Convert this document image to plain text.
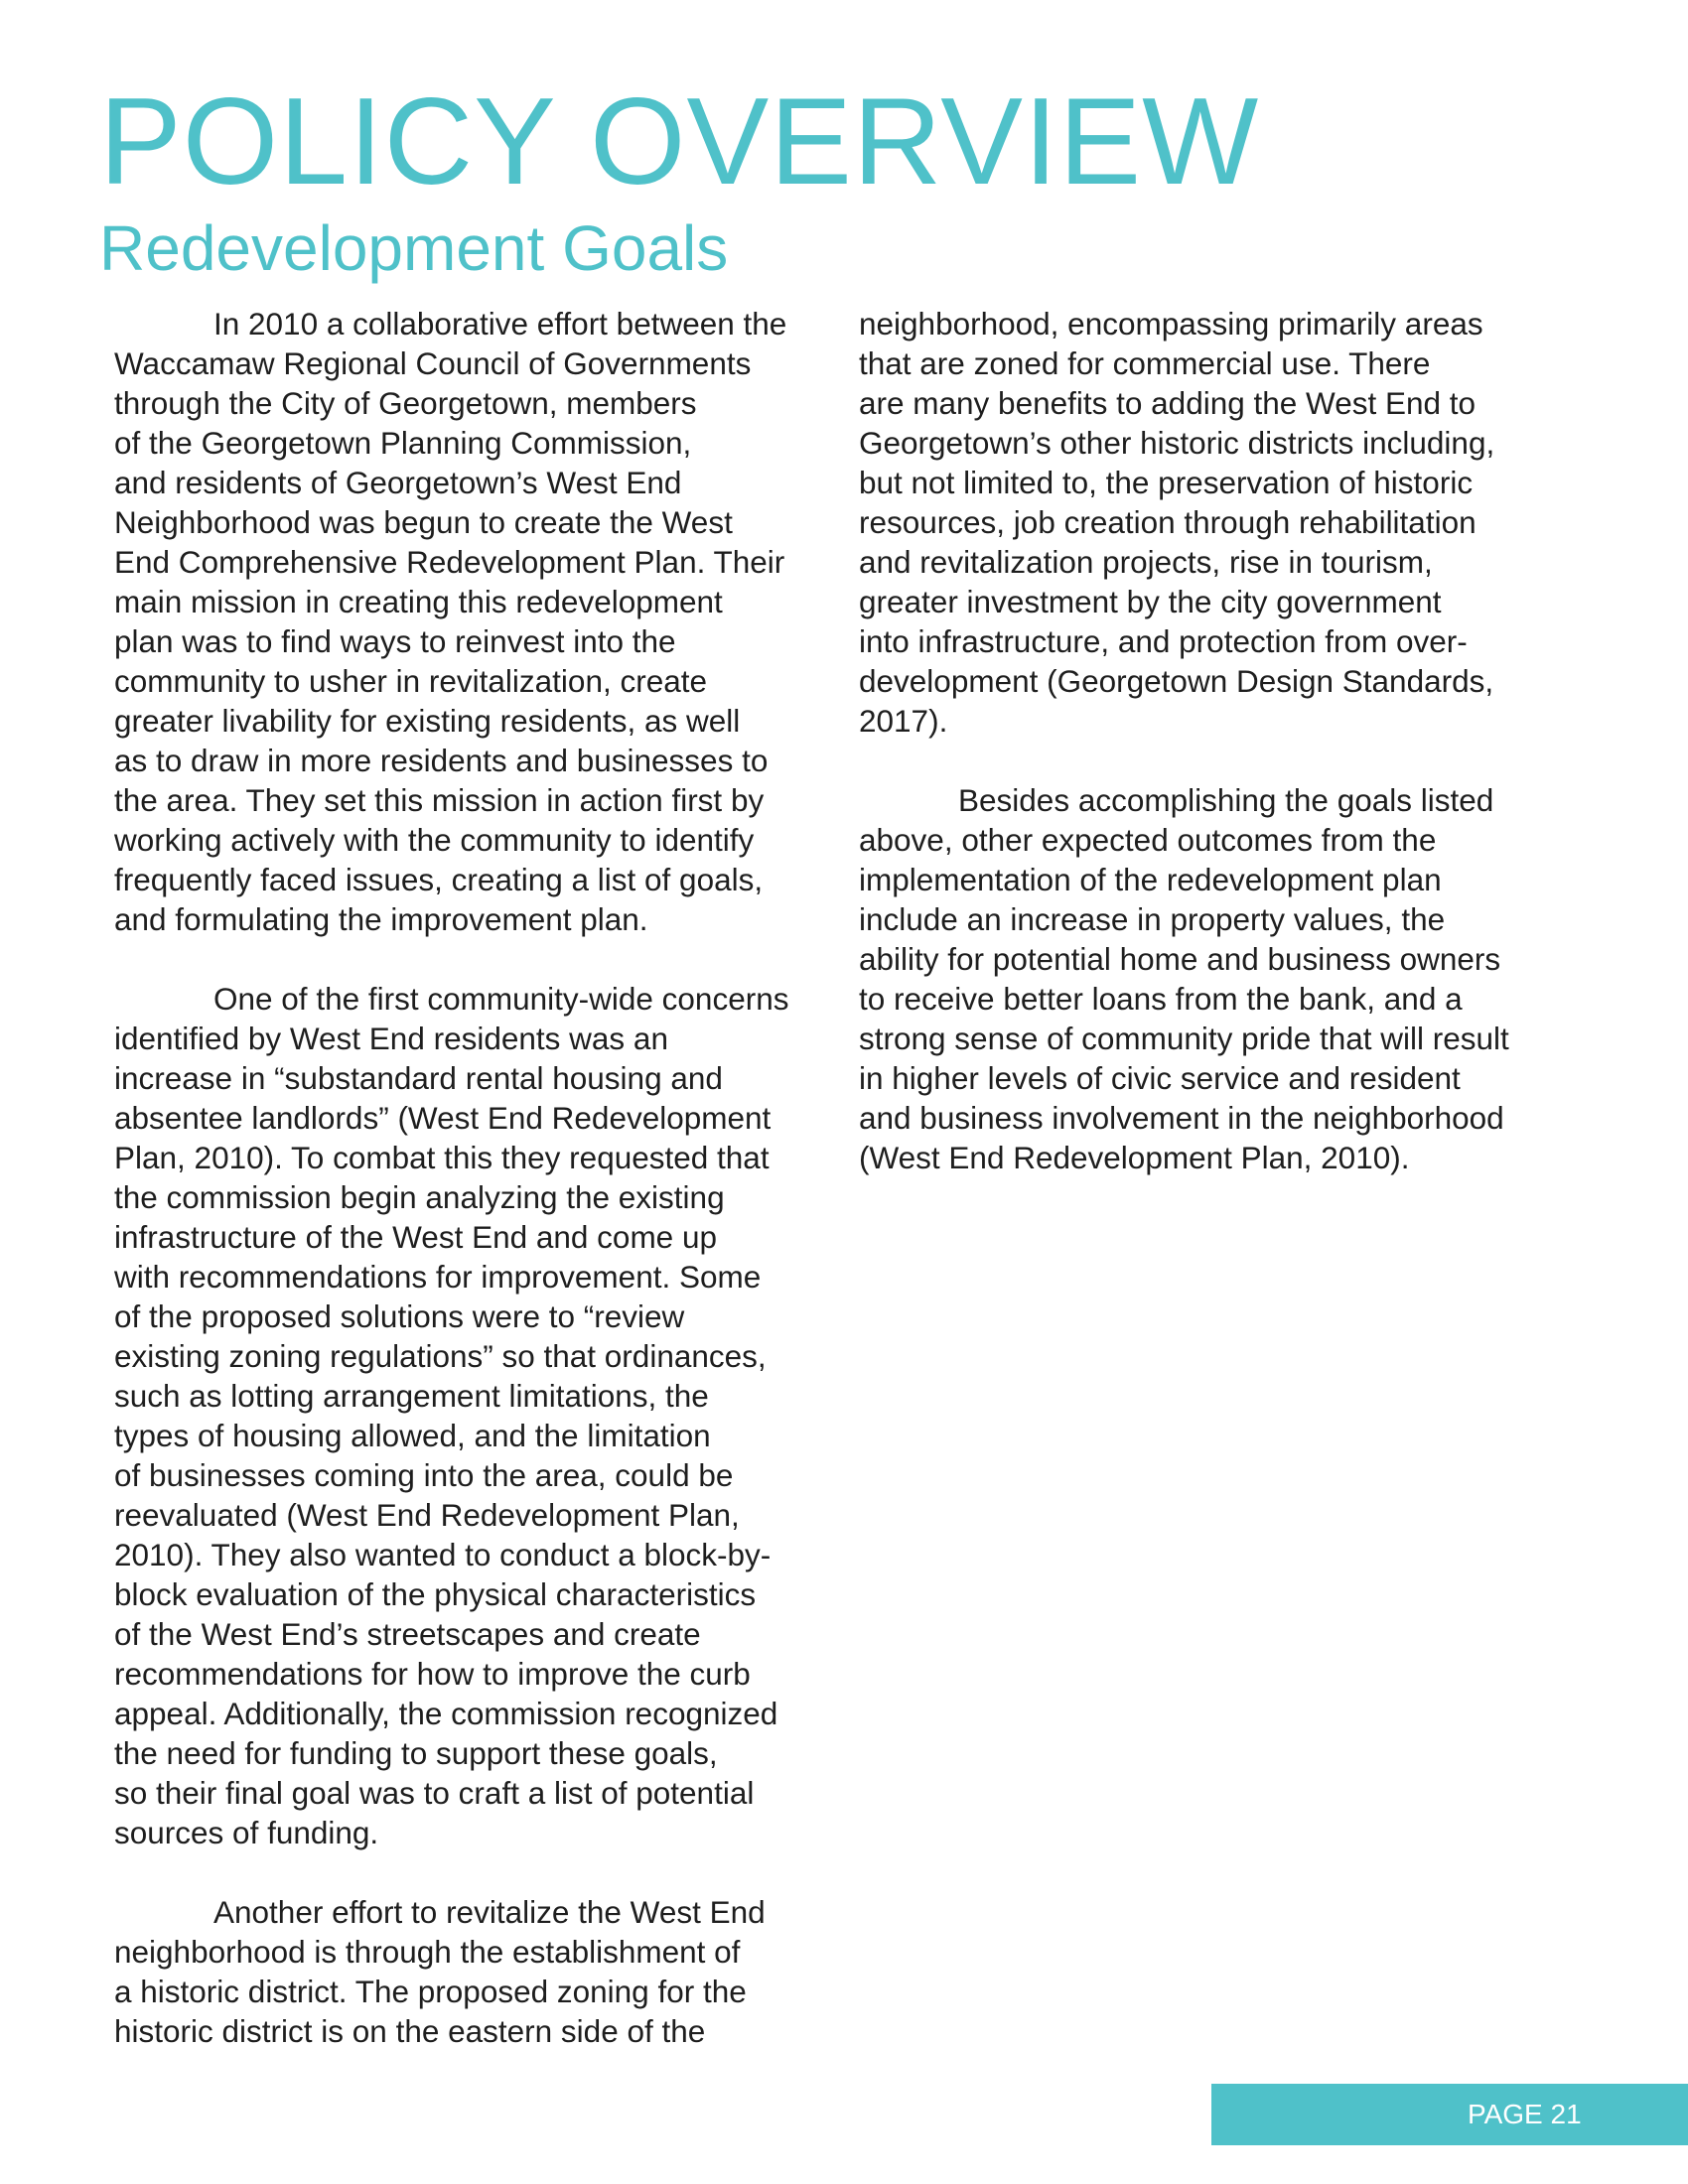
POLICY OVERVIEW
Redevelopment Goals

In 2010 a collaborative effort between the
Waccamaw Regional Council of Governments
through the City of Georgetown, members
of the Georgetown Planning Commission,
and residents of Georgetown’s West End
Neighborhood was begun to create the West
End Comprehensive Redevelopment Plan. Their
main mission in creating this redevelopment
plan was to find ways to reinvest into the
community to usher in revitalization, create
greater livability for existing residents, as well
as to draw in more residents and businesses to
the area. They set this mission in action first by
working actively with the community to identify
frequently faced issues, creating a list of goals,
and formulating the improvement plan.

One of the first community-wide concerns
identified by West End residents was an
increase in “substandard rental housing and
absentee landlords” (West End Redevelopment
Plan, 2010). To combat this they requested that
the commission begin analyzing the existing
infrastructure of the West End and come up
with recommendations for improvement. Some
of the proposed solutions were to “review
existing zoning regulations” so that ordinances,
such as lotting arrangement limitations, the
types of housing allowed, and the limitation
of businesses coming into the area, could be
reevaluated (West End Redevelopment Plan,
2010). They also wanted to conduct a block-by-
block evaluation of the physical characteristics
of the West End’s streetscapes and create
recommendations for how to improve the curb
appeal. Additionally, the commission recognized
the need for funding to support these goals,
so their final goal was to craft a list of potential
sources of funding.

Another effort to revitalize the West End
neighborhood is through the establishment of
a historic district. The proposed zoning for the
historic district is on the eastern side of the

neighborhood, encompassing primarily areas
that are zoned for commercial use. There
are many benefits to adding the West End to
Georgetown’s other historic districts including,
but not limited to, the preservation of historic
resources, job creation through rehabilitation
and revitalization projects, rise in tourism,
greater investment by the city government
into infrastructure, and protection from over-
development (Georgetown Design Standards,
2017).

Besides accomplishing the goals listed
above, other expected outcomes from the
implementation of the redevelopment plan
include an increase in property values, the
ability for potential home and business owners
to receive better loans from the bank, and a
strong sense of community pride that will result
in higher levels of civic service and resident
and business involvement in the neighborhood
(West End Redevelopment Plan, 2010).

PAGE 21
